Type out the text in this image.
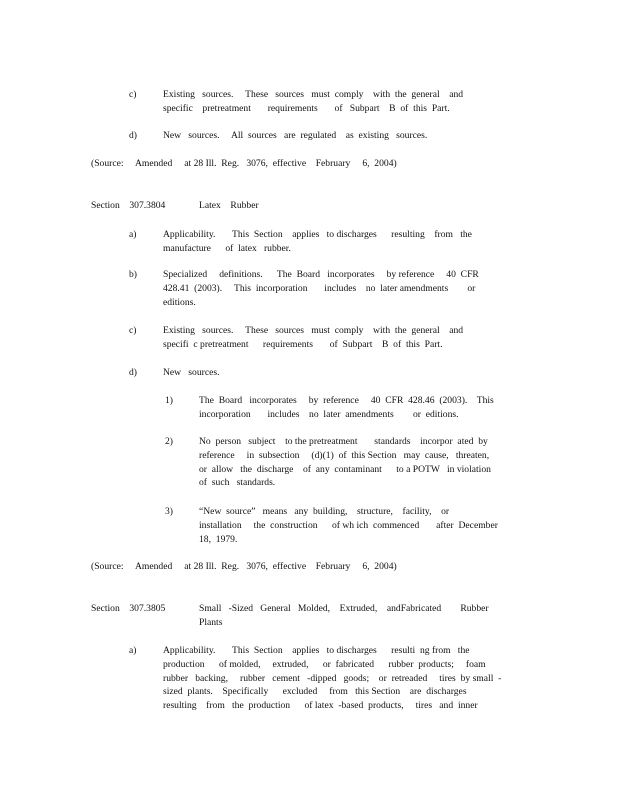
c)	Existing   sources.     These   sources   must  comply    with  the  general    and
specific    pretreatment       requirements       of   Subpart    B  of  this  Part.
d)	New   sources.     All  sources   are  regulated    as  existing   sources.
(Source:     Amended     at 28 Ill.  Reg.   3076,  effective    February     6,  2004)
Section    307.3804	Latex    Rubber
a)	Applicability.       This  Section    applies   to discharges      resulting    from   the
manufacture      of  latex   rubber.
b)	Specialized     definitions.      The  Board   incorporates     by reference     40  CFR
428.41  (2003).     This  incorporation       includes    no  later amendments        or
editions.
c)	Existing   sources.     These   sources   must  comply    with  the  general    and
specifi  c pretreatment      requirements       of  Subpart    B  of  this  Part.
d)	New   sources.
1)	The  Board   incorporates     by  reference     40  CFR  428.46  (2003).    This
incorporation       includes    no  later  amendments        or  editions.
2)	No  person   subject    to the pretreatment       standards    incorpor  ated  by
reference     in  subsection     (d)(1)  of  this Section   may  cause,   threaten,
or  allow   the  discharge    of  any  contaminant      to a POTW   in violation
of  such   standards.
3)	“New  source”   means   any  building,    structure,    facility,    or
installation     the  construction      of wh ich  commenced       after  December
18,  1979.
(Source:     Amended     at 28 Ill.  Reg.   3076,  effective    February     6,  2004)
Section    307.3805	Small   -Sized   General   Molded,    Extruded,    andFabricated        Rubber
Plants
a)	Applicability.       This  Section    applies   to discharges      resulti  ng from   the
production      of molded,     extruded,      or  fabricated      rubber  products;     foam
rubber   backing,     rubber   cement   -dipped   goods;    or  retreaded     tires  by small  -
sized  plants.    Specifically      excluded     from   this Section    are  discharges
resulting    from   the  production      of latex  -based  products,     tires   and  inner
